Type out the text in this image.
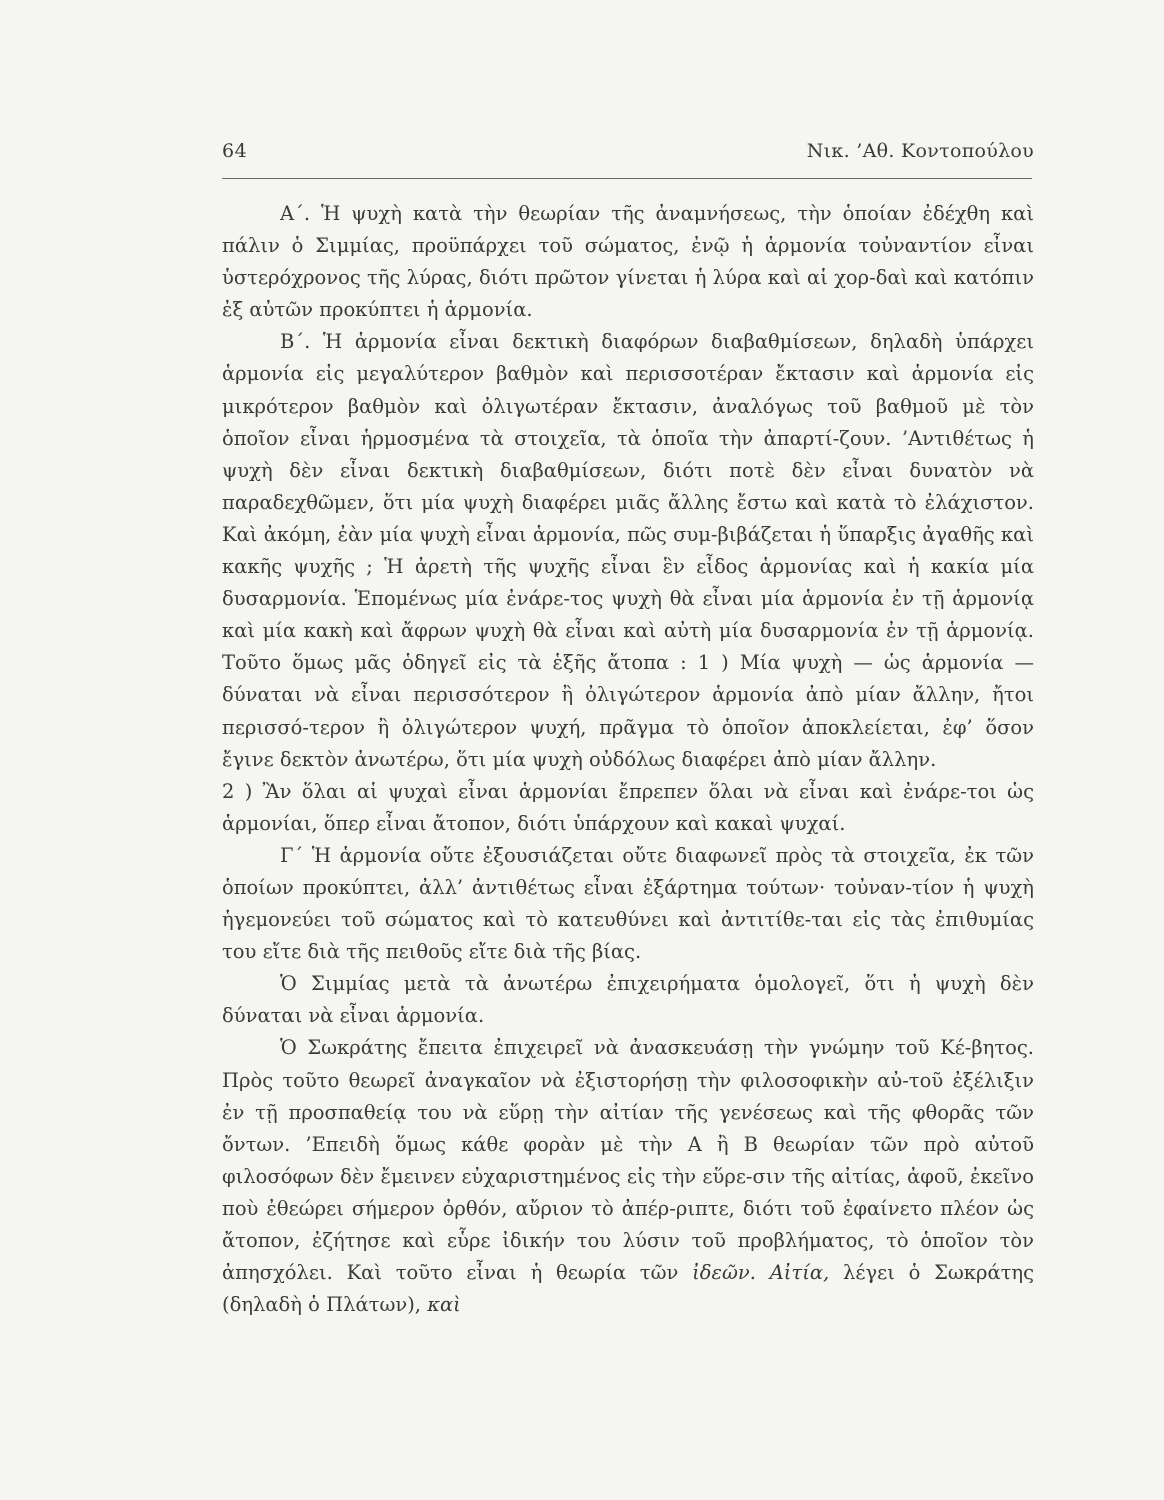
64	Νικ. ’Αθ. Κοντοπούλου

Α΄. Ἡ ψυχὴ κατὰ τὴν θεωρίαν τῆς ἀναμνήσεως, τὴν ὁποίαν ἐδέχθη καὶ πάλιν ὁ Σιμμίας, προϋπάρχει τοῦ σώματος, ἐνῷ ἡ ἁρμονία τοὐναντίον εἶναι ὑστερόχρονος τῆς λύρας, διότι πρῶτον γίνεται ἡ λύρα καὶ αἱ χορ-δαὶ καὶ κατόπιν ἐξ αὐτῶν προκύπτει ἡ ἁρμονία.

Β΄. Ἡ ἁρμονία εἶναι δεκτικὴ διαφόρων διαβαθμίσεων, δηλαδὴ ὑπάρχει ἁρμονία εἰς μεγαλύτερον βαθμὸν καὶ περισσοτέραν ἔκτασιν καὶ ἁρμονία εἰς μικρότερον βαθμὸν καὶ ὀλιγωτέραν ἔκτασιν, ἀναλόγως τοῦ βαθμοῦ μὲ τὸν ὁποῖον εἶναι ἡρμοσμένα τὰ στοιχεῖα, τὰ ὁποῖα τὴν ἀπαρτί-ζουν. ’Αντιθέτως ἡ ψυχὴ δὲν εἶναι δεκτικὴ διαβαθμίσεων, διότι ποτὲ δὲν εἶναι δυνατὸν νὰ παραδεχθῶμεν, ὅτι μία ψυχὴ διαφέρει μιᾶς ἄλλης ἔστω καὶ κατὰ τὸ ἐλάχιστον. Καὶ ἀκόμη, ἐὰν μία ψυχὴ εἶναι ἁρμονία, πῶς συμ-βιβάζεται ἡ ὕπαρξις ἀγαθῆς καὶ κακῆς ψυχῆς ; Ἡ ἀρετὴ τῆς ψυχῆς εἶναι ἓν εἶδος ἁρμονίας καὶ ἡ κακία μία δυσαρμονία. Ἑπομένως μία ἐνάρε-τος ψυχὴ θὰ εἶναι μία ἁρμονία ἐν τῇ ἁρμονίᾳ καὶ μία κακὴ καὶ ἄφρων ψυχὴ θὰ εἶναι καὶ αὐτὴ μία δυσαρμονία ἐν τῇ ἁρμονίᾳ. Τοῦτο ὅμως μᾶς ὁδηγεῖ εἰς τὰ ἑξῆς ἄτοπα : 1 ) Μία ψυχὴ — ὡς ἁρμονία — δύναται νὰ εἶναι περισσότερον ἢ ὀλιγώτερον ἁρμονία ἀπὸ μίαν ἄλλην, ἤτοι περισσό-τερον ἢ ὀλιγώτερον ψυχή, πρᾶγμα τὸ ὁποῖον ἀποκλείεται, ἐφ’ ὅσον ἔγινε δεκτὸν ἀνωτέρω, ὅτι μία ψυχὴ οὐδόλως διαφέρει ἀπὸ μίαν ἄλλην.

2 ) Ἂν ὅλαι αἱ ψυχαὶ εἶναι ἁρμονίαι ἔπρεπεν ὅλαι νὰ εἶναι καὶ ἐνάρε-τοι ὡς ἁρμονίαι, ὅπερ εἶναι ἄτοπον, διότι ὑπάρχουν καὶ κακαὶ ψυχαί.

Γ΄ Ἡ ἁρμονία οὔτε ἐξουσιάζεται οὔτε διαφωνεῖ πρὸς τὰ στοιχεῖα, ἐκ τῶν ὁποίων προκύπτει, ἀλλ’ ἀντιθέτως εἶναι ἐξάρτημα τούτων· τοὐναν-τίον ἡ ψυχὴ ἡγεμονεύει τοῦ σώματος καὶ τὸ κατευθύνει καὶ ἀντιτίθε-ται εἰς τὰς ἐπιθυμίας του εἴτε διὰ τῆς πειθοῦς εἴτε διὰ τῆς βίας.

Ὁ Σιμμίας μετὰ τὰ ἀνωτέρω ἐπιχειρήματα ὁμολογεῖ, ὅτι ἡ ψυχὴ δὲν δύναται νὰ εἶναι ἁρμονία.

Ὁ Σωκράτης ἔπειτα ἐπιχειρεῖ νὰ ἀνασκευάσῃ τὴν γνώμην τοῦ Κέ-βητος. Πρὸς τοῦτο θεωρεῖ ἀναγκαῖον νὰ ἐξιστορήσῃ τὴν φιλοσοφικὴν αὐ-τοῦ ἐξέλιξιν ἐν τῇ προσπαθείᾳ του νὰ εὕρῃ τὴν αἰτίαν τῆς γενέσεως καὶ τῆς φθορᾶς τῶν ὄντων. ’Επειδὴ ὅμως κάθε φορὰν μὲ τὴν Α ἢ Β θεωρίαν τῶν πρὸ αὐτοῦ φιλοσόφων δὲν ἔμεινεν εὐχαριστημένος εἰς τὴν εὕρε-σιν τῆς αἰτίας, ἀφοῦ, ἐκεῖνο ποὺ ἐθεώρει σήμερον ὀρθόν, αὔριον τὸ ἀπέρ-ριπτε, διότι τοῦ ἐφαίνετο πλέον ὡς ἄτοπον, ἐζήτησε καὶ εὗρε ἰδικήν του λύσιν τοῦ προβλήματος, τὸ ὁποῖον τὸν ἀπησχόλει. Καὶ τοῦτο εἶναι ἡ θεωρία τῶν ἰδεῶν. Αἰτία, λέγει ὁ Σωκράτης (δηλαδὴ ὁ Πλάτων), καὶ
